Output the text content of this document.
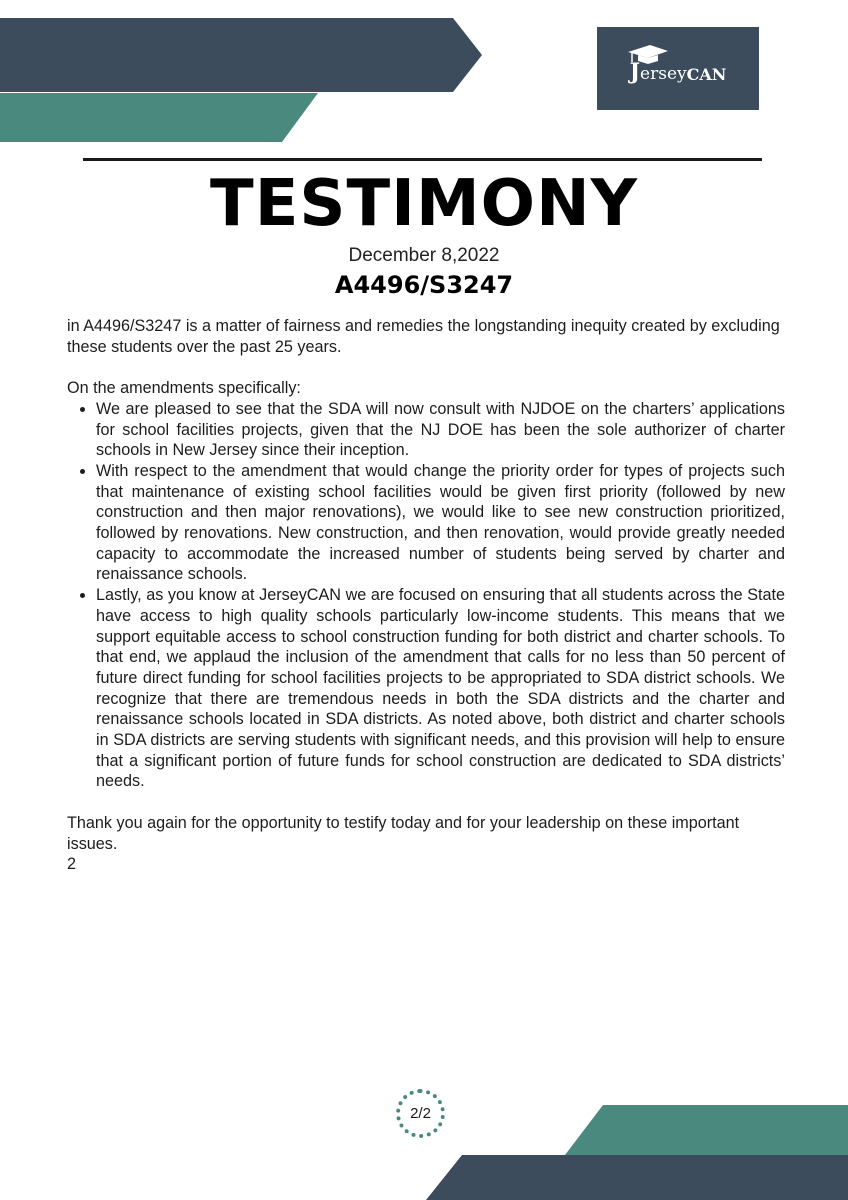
J ersey CAN
TESTIMONY
December 8,2022
A4496/S3247

in A4496/S3247 is a matter of fairness and remedies the longstanding inequity created by excluding these students over the past 25 years.

On the amendments specifically:

We are pleased to see that the SDA will now consult with NJDOE on the charters’ applications for school facilities projects, given that the NJ DOE has been the sole authorizer of charter schools in New Jersey since their inception.
With respect to the amendment that would change the priority order for types of projects such that maintenance of existing school facilities would be given first priority (followed by new construction and then major renovations), we would like to see new construction prioritized, followed by renovations. New construction, and then renovation, would provide greatly needed capacity to accommodate the increased number of students being served by charter and renaissance schools.
Lastly, as you know at JerseyCAN we are focused on ensuring that all students across the State have access to high quality schools particularly low-income students. This means that we support equitable access to school construction funding for both district and charter schools. To that end, we applaud the inclusion of the amendment that calls for no less than 50 percent of future direct funding for school facilities projects to be appropriated to SDA district schools. We recognize that there are tremendous needs in both the SDA districts and the charter and renaissance schools located in SDA districts. As noted above, both district and charter schools in SDA districts are serving students with significant needs, and this provision will help to ensure that a significant portion of future funds for school construction are dedicated to SDA districts’ needs.

Thank you again for the opportunity to testify today and for your leadership on these important issues.

2

2/2
